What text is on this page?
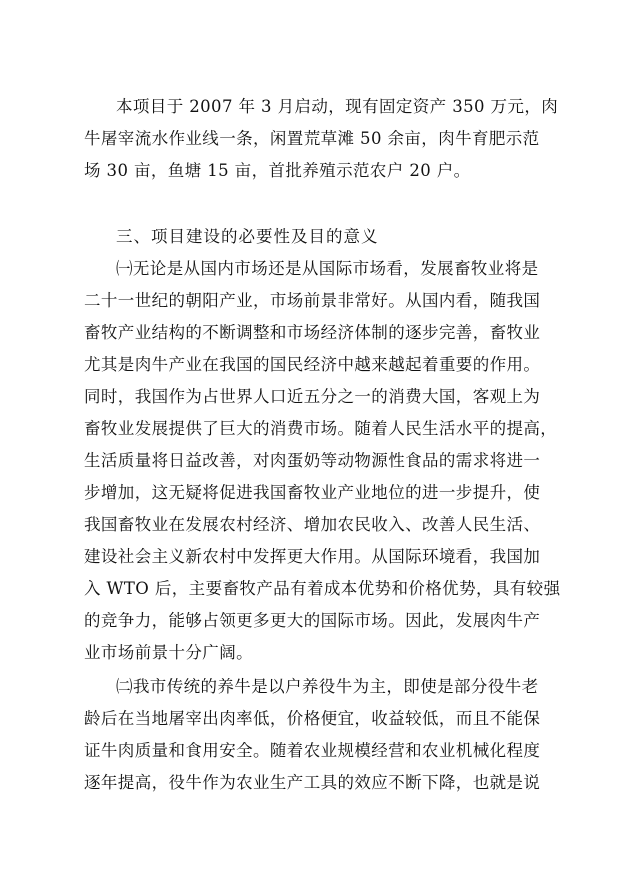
本项目于 2007 年 3 月启动，现有固定资产 350 万元，肉
牛屠宰流水作业线一条，闲置荒草滩 50 余亩，肉牛育肥示范
场 30 亩，鱼塘 15 亩，首批养殖示范农户 20 户。
三、项目建设的必要性及目的意义
㈠无论是从国内市场还是从国际市场看，发展畜牧业将是
二十一世纪的朝阳产业，市场前景非常好。从国内看，随我国
畜牧产业结构的不断调整和市场经济体制的逐步完善，畜牧业
尤其是肉牛产业在我国的国民经济中越来越起着重要的作用。
同时，我国作为占世界人口近五分之一的消费大国，客观上为
畜牧业发展提供了巨大的消费市场。随着人民生活水平的提高，
生活质量将日益改善，对肉蛋奶等动物源性食品的需求将进一
步增加，这无疑将促进我国畜牧业产业地位的进一步提升，使
我国畜牧业在发展农村经济、增加农民收入、改善人民生活、
建设社会主义新农村中发挥更大作用。从国际环境看，我国加
入 WTO 后，主要畜牧产品有着成本优势和价格优势，具有较强
的竞争力，能够占领更多更大的国际市场。因此，发展肉牛产
业市场前景十分广阔。
㈡我市传统的养牛是以户养役牛为主，即使是部分役牛老
龄后在当地屠宰出肉率低，价格便宜，收益较低，而且不能保
证牛肉质量和食用安全。随着农业规模经营和农业机械化程度
逐年提高，役牛作为农业生产工具的效应不断下降，也就是说
